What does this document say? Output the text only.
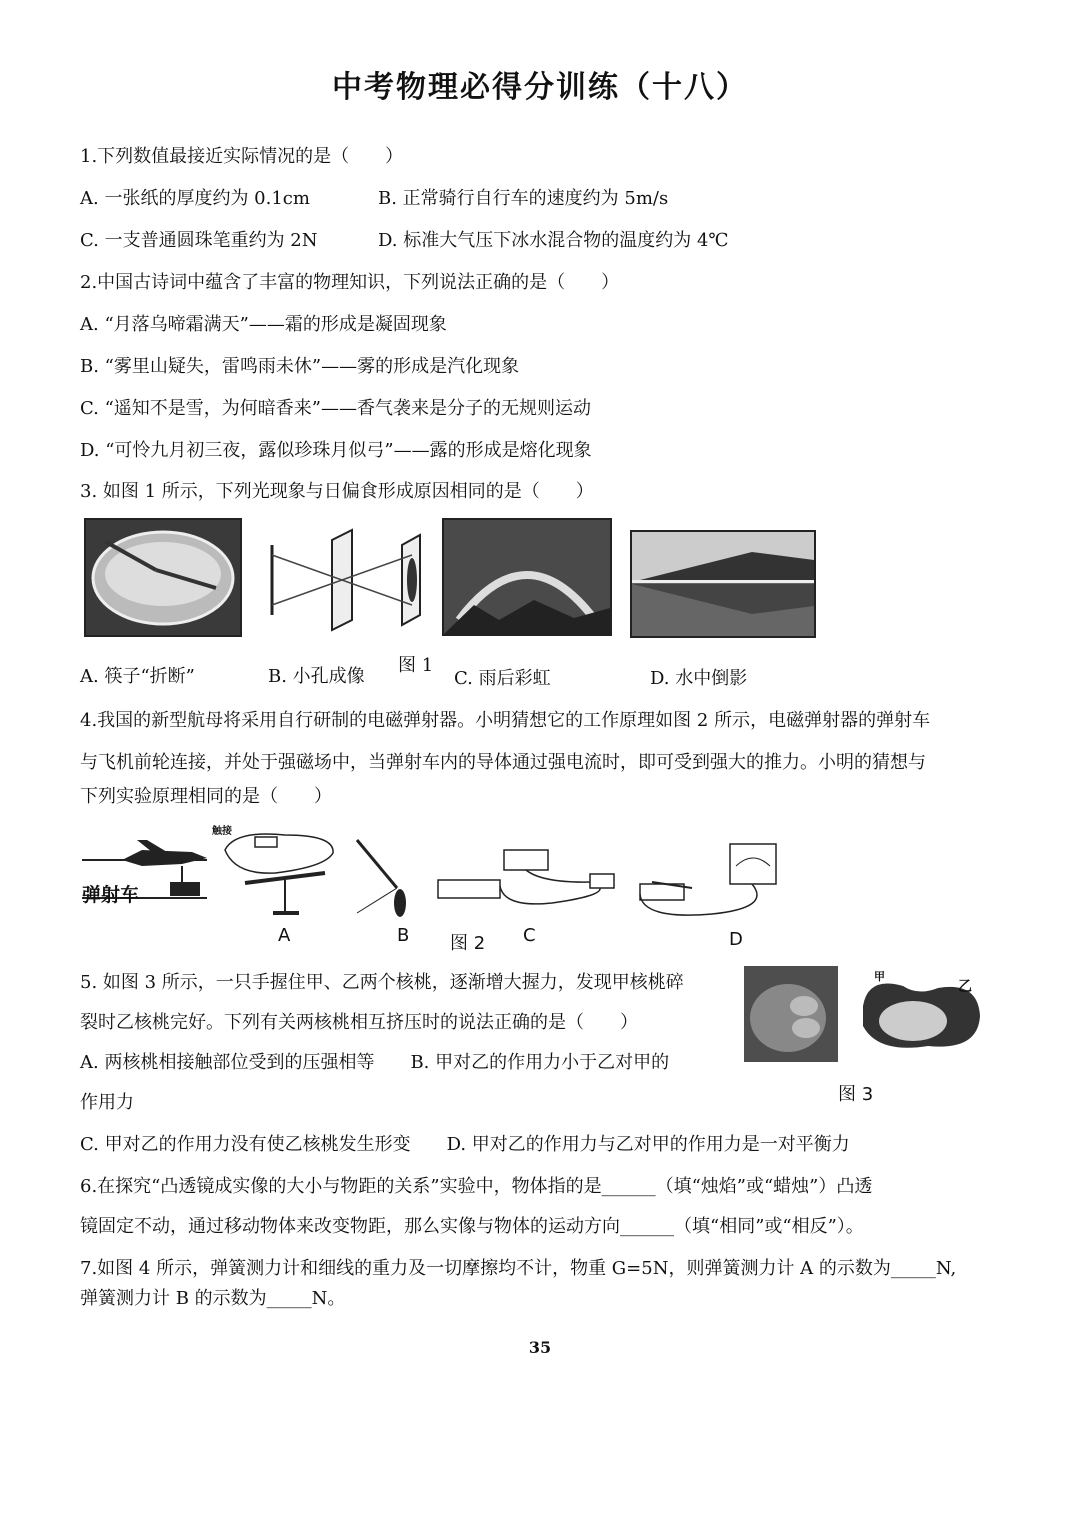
中考物理必得分训练（十八）
1.下列数值最接近实际情况的是（　　）
A. 一张纸的厚度约为 0.1cm	B. 正常骑行自行车的速度约为 5m/s
C. 一支普通圆珠笔重约为 2N	D. 标准大气压下冰水混合物的温度约为 4℃
2.中国古诗词中蕴含了丰富的物理知识，下列说法正确的是（　　）
A. “月落乌啼霜满天”——霜的形成是凝固现象
B. “雾里山疑失，雷鸣雨未休”——雾的形成是汽化现象
C. “遥知不是雪，为何暗香来”——香气袭来是分子的无规则运动
D. “可怜九月初三夜，露似珍珠月似弓”——露的形成是熔化现象
3. 如图 1 所示，下列光现象与日偏食形成原因相同的是（　　）
A. 筷子“折断”	B. 小孔成像
图 1
C. 雨后彩虹	D. 水中倒影
4.我国的新型航母将采用自行研制的电磁弹射器。小明猜想它的工作原理如图 2 所示，电磁弹射器的弹射车
与飞机前轮连接，并处于强磁场中，当弹射车内的导体通过强电流时，即可受到强大的推力。小明的猜想与
下列实验原理相同的是（　　）
弹射车
触接
A	B 图 2 C	D
5. 如图 3 所示，一只手握住甲、乙两个核桃，逐渐增大握力，发现甲核桃碎
裂时乙核桃完好。下列有关两核桃相互挤压时的说法正确的是（　　）
A. 两核桃相接触部位受到的压强相等　　B. 甲对乙的作用力小于乙对甲的
作用力
C. 甲对乙的作用力没有使乙核桃发生形变　　D. 甲对乙的作用力与乙对甲的作用力是一对平衡力
甲
乙
图 3
6.在探究“凸透镜成实像的大小与物距的关系”实验中，物体指的是______（填“烛焰”或“蜡烛”）凸透
镜固定不动，通过移动物体来改变物距，那么实像与物体的运动方向______（填“相同”或“相反”）。
7.如图 4 所示，弹簧测力计和细线的重力及一切摩擦均不计，物重 G=5N，则弹簧测力计 A 的示数为_____N,
弹簧测力计 B 的示数为_____N。
35
